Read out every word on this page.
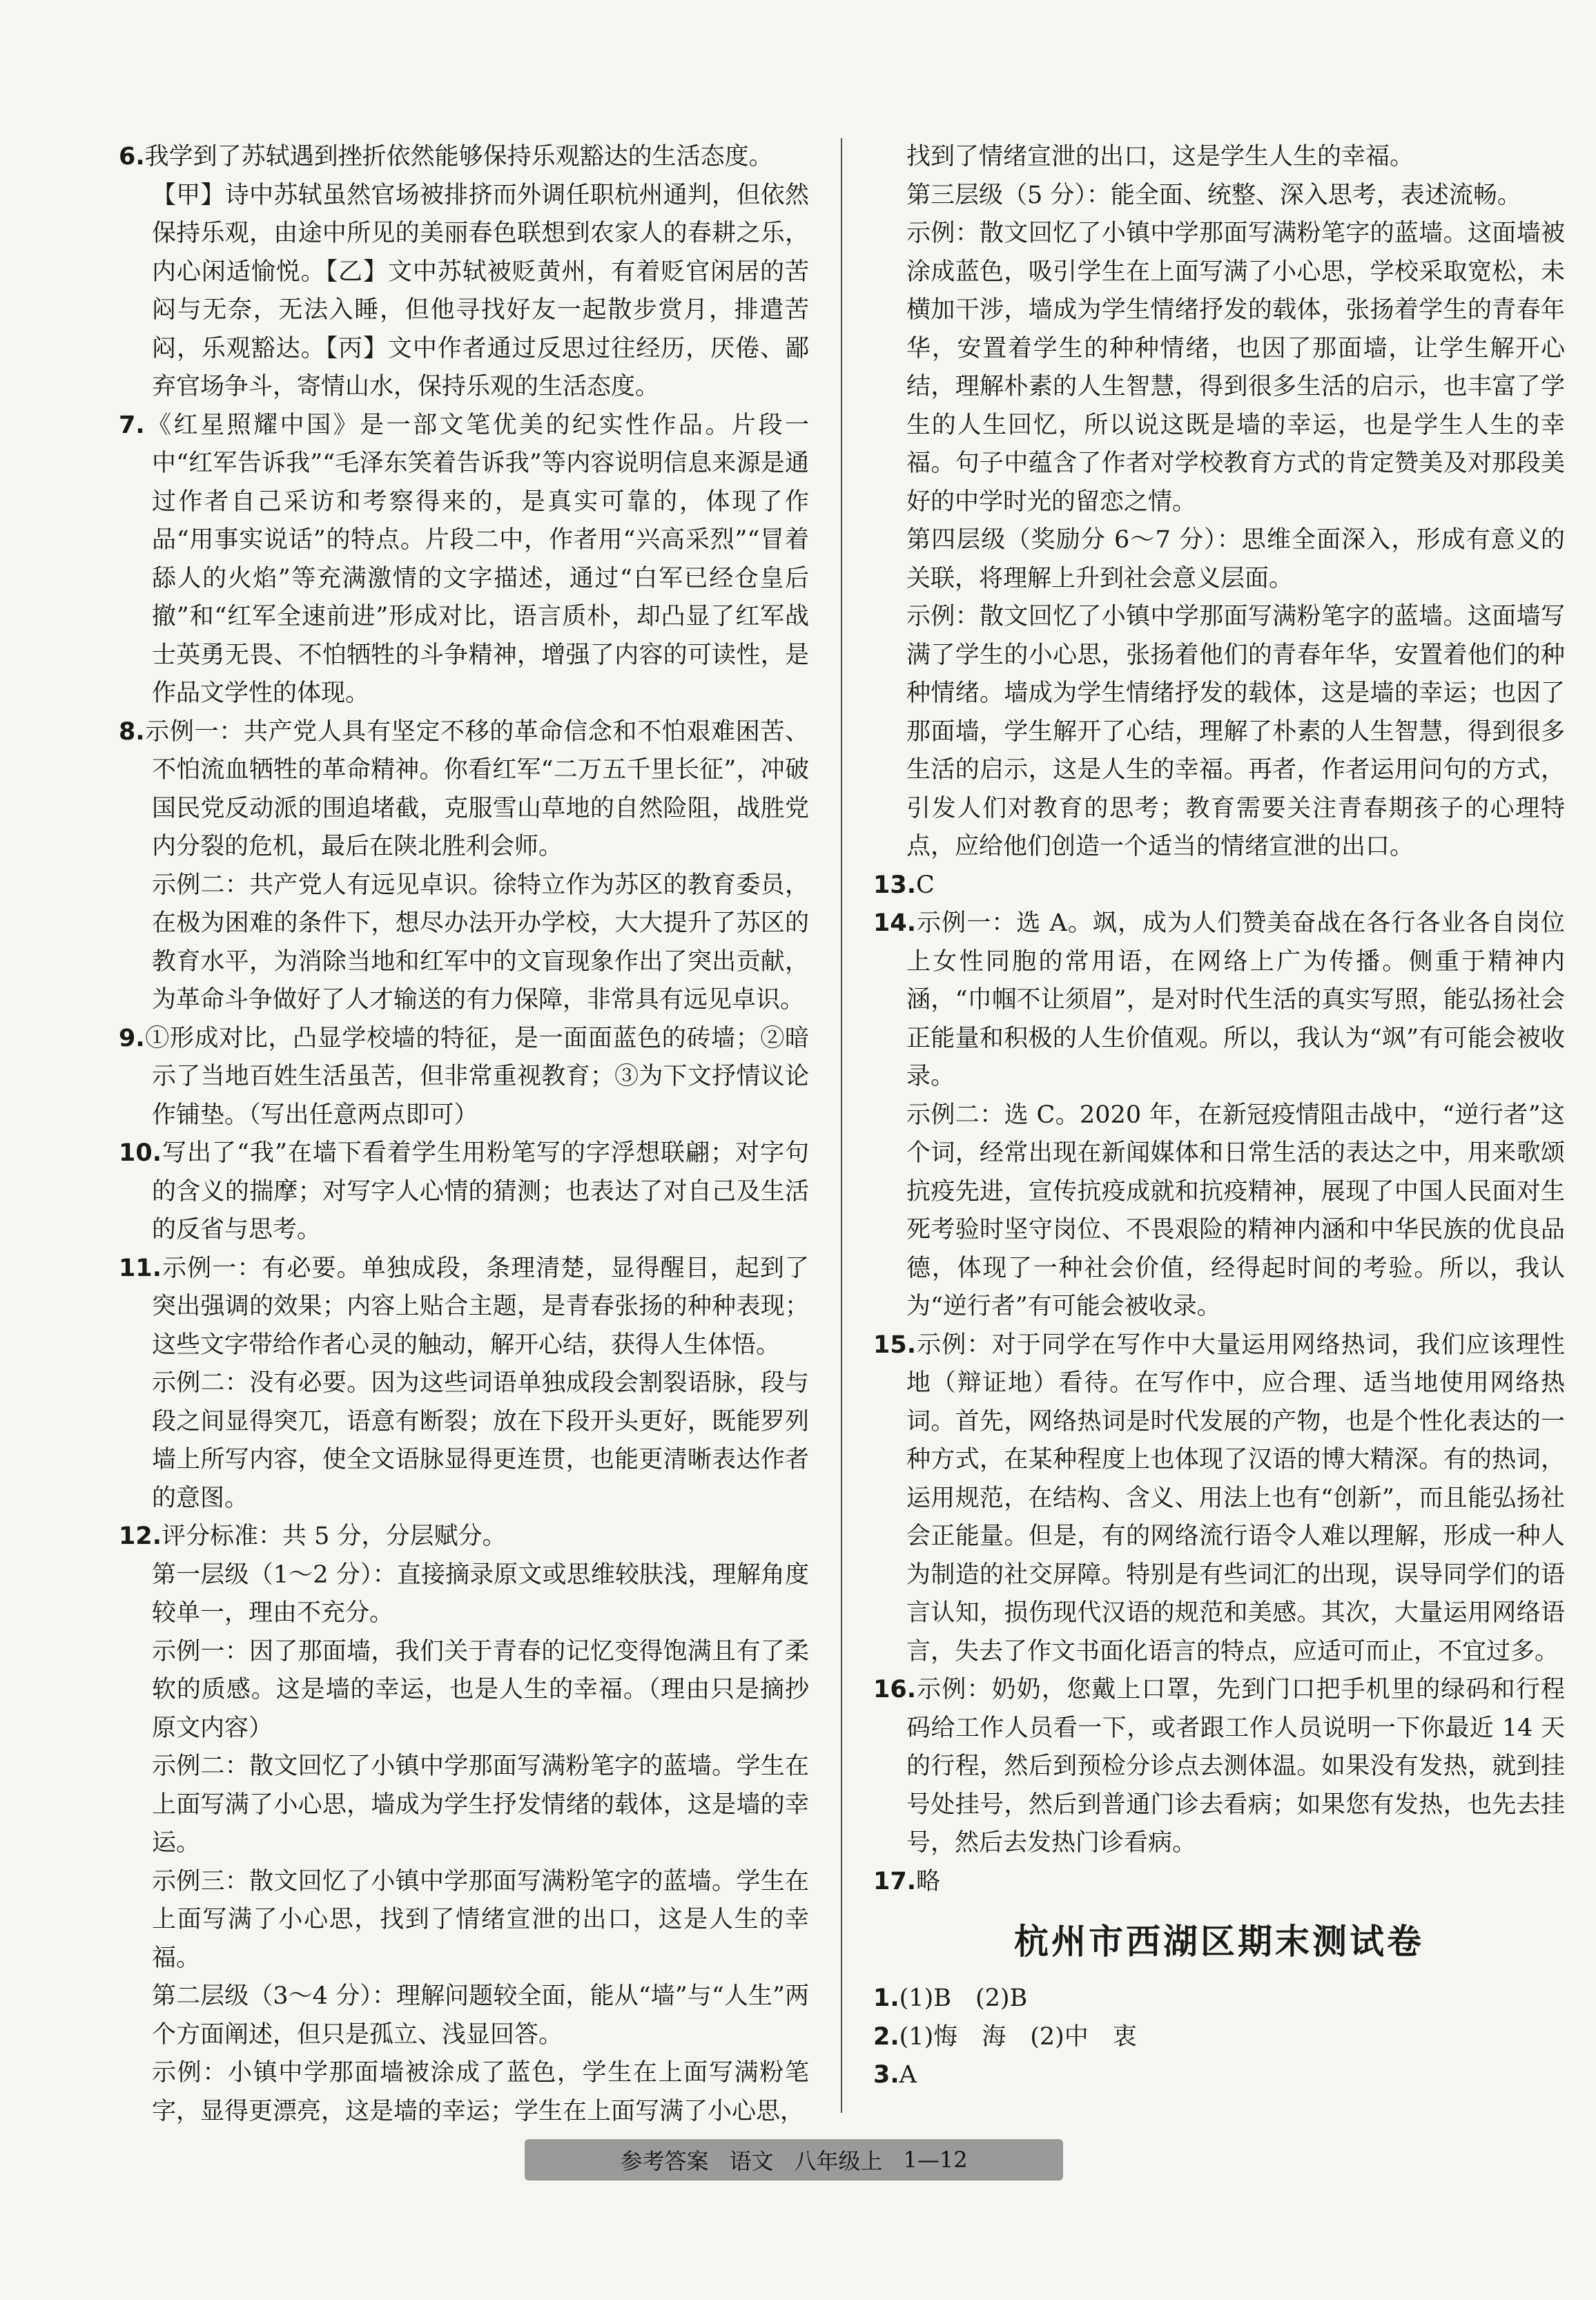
6.我学到了苏轼遇到挫折依然能够保持乐观豁达的生活态度。

【甲】诗中苏轼虽然官场被排挤而外调任职杭州通判，但依然保持乐观，由途中所见的美丽春色联想到农家人的春耕之乐，内心闲适愉悦。【乙】文中苏轼被贬黄州，有着贬官闲居的苦闷与无奈，无法入睡，但他寻找好友一起散步赏月，排遣苦闷，乐观豁达。【丙】文中作者通过反思过往经历，厌倦、鄙弃官场争斗，寄情山水，保持乐观的生活态度。

7.《红星照耀中国》是一部文笔优美的纪实性作品。片段一中“红军告诉我”“毛泽东笑着告诉我”等内容说明信息来源是通过作者自己采访和考察得来的，是真实可靠的，体现了作品“用事实说话”的特点。片段二中，作者用“兴高采烈”“冒着舔人的火焰”等充满激情的文字描述，通过“白军已经仓皇后撤”和“红军全速前进”形成对比，语言质朴，却凸显了红军战士英勇无畏、不怕牺牲的斗争精神，增强了内容的可读性，是作品文学性的体现。

8.示例一：共产党人具有坚定不移的革命信念和不怕艰难困苦、不怕流血牺牲的革命精神。你看红军“二万五千里长征”，冲破国民党反动派的围追堵截，克服雪山草地的自然险阻，战胜党内分裂的危机，最后在陕北胜利会师。

示例二：共产党人有远见卓识。徐特立作为苏区的教育委员，在极为困难的条件下，想尽办法开办学校，大大提升了苏区的教育水平，为消除当地和红军中的文盲现象作出了突出贡献，为革命斗争做好了人才输送的有力保障，非常具有远见卓识。

9.①形成对比，凸显学校墙的特征，是一面面蓝色的砖墙；②暗示了当地百姓生活虽苦，但非常重视教育；③为下文抒情议论作铺垫。（写出任意两点即可）

10.写出了“我”在墙下看着学生用粉笔写的字浮想联翩；对字句的含义的揣摩；对写字人心情的猜测；也表达了对自己及生活的反省与思考。

11.示例一：有必要。单独成段，条理清楚，显得醒目，起到了突出强调的效果；内容上贴合主题，是青春张扬的种种表现；这些文字带给作者心灵的触动，解开心结，获得人生体悟。

示例二：没有必要。因为这些词语单独成段会割裂语脉，段与段之间显得突兀，语意有断裂；放在下段开头更好，既能罗列墙上所写内容，使全文语脉显得更连贯，也能更清晰表达作者的意图。

12.评分标准：共 5 分，分层赋分。

第一层级（1～2 分）：直接摘录原文或思维较肤浅，理解角度较单一，理由不充分。

示例一：因了那面墙，我们关于青春的记忆变得饱满且有了柔软的质感。这是墙的幸运，也是人生的幸福。（理由只是摘抄原文内容）

示例二：散文回忆了小镇中学那面写满粉笔字的蓝墙。学生在上面写满了小心思，墙成为学生抒发情绪的载体，这是墙的幸运。

示例三：散文回忆了小镇中学那面写满粉笔字的蓝墙。学生在上面写满了小心思，找到了情绪宣泄的出口，这是人生的幸福。

第二层级（3～4 分）：理解问题较全面，能从“墙”与“人生”两个方面阐述，但只是孤立、浅显回答。

示例：小镇中学那面墙被涂成了蓝色，学生在上面写满粉笔字，显得更漂亮，这是墙的幸运；学生在上面写满了小心思，

找到了情绪宣泄的出口，这是学生人生的幸福。

第三层级（5 分）：能全面、统整、深入思考，表述流畅。

示例：散文回忆了小镇中学那面写满粉笔字的蓝墙。这面墙被涂成蓝色，吸引学生在上面写满了小心思，学校采取宽松，未横加干涉，墙成为学生情绪抒发的载体，张扬着学生的青春年华，安置着学生的种种情绪，也因了那面墙，让学生解开心结，理解朴素的人生智慧，得到很多生活的启示，也丰富了学生的人生回忆，所以说这既是墙的幸运，也是学生人生的幸福。句子中蕴含了作者对学校教育方式的肯定赞美及对那段美好的中学时光的留恋之情。

第四层级（奖励分 6～7 分）：思维全面深入，形成有意义的关联，将理解上升到社会意义层面。

示例：散文回忆了小镇中学那面写满粉笔字的蓝墙。这面墙写满了学生的小心思，张扬着他们的青春年华，安置着他们的种种情绪。墙成为学生情绪抒发的载体，这是墙的幸运；也因了那面墙，学生解开了心结，理解了朴素的人生智慧，得到很多生活的启示，这是人生的幸福。再者，作者运用问句的方式，引发人们对教育的思考；教育需要关注青春期孩子的心理特点，应给他们创造一个适当的情绪宣泄的出口。

13.C

14.示例一：选 A。飒，成为人们赞美奋战在各行各业各自岗位上女性同胞的常用语，在网络上广为传播。侧重于精神内涵，“巾帼不让须眉”，是对时代生活的真实写照，能弘扬社会正能量和积极的人生价值观。所以，我认为“飒”有可能会被收录。

示例二：选 C。2020 年，在新冠疫情阻击战中，“逆行者”这个词，经常出现在新闻媒体和日常生活的表达之中，用来歌颂抗疫先进，宣传抗疫成就和抗疫精神，展现了中国人民面对生死考验时坚守岗位、不畏艰险的精神内涵和中华民族的优良品德，体现了一种社会价值，经得起时间的考验。所以，我认为“逆行者”有可能会被收录。

15.示例：对于同学在写作中大量运用网络热词，我们应该理性地（辩证地）看待。在写作中，应合理、适当地使用网络热词。首先，网络热词是时代发展的产物，也是个性化表达的一种方式，在某种程度上也体现了汉语的博大精深。有的热词，运用规范，在结构、含义、用法上也有“创新”，而且能弘扬社会正能量。但是，有的网络流行语令人难以理解，形成一种人为制造的社交屏障。特别是有些词汇的出现，误导同学们的语言认知，损伤现代汉语的规范和美感。其次，大量运用网络语言，失去了作文书面化语言的特点，应适可而止，不宜过多。

16.示例：奶奶，您戴上口罩，先到门口把手机里的绿码和行程码给工作人员看一下，或者跟工作人员说明一下你最近 14 天的行程，然后到预检分诊点去测体温。如果没有发热，就到挂号处挂号，然后到普通门诊去看病；如果您有发热，也先去挂号，然后去发热门诊看病。

17.略

杭州市西湖区期末测试卷

1.(1)B　(2)B

2.(1)悔　海　(2)中　衷

3.A

参考答案 语文 八年级上 1—12
